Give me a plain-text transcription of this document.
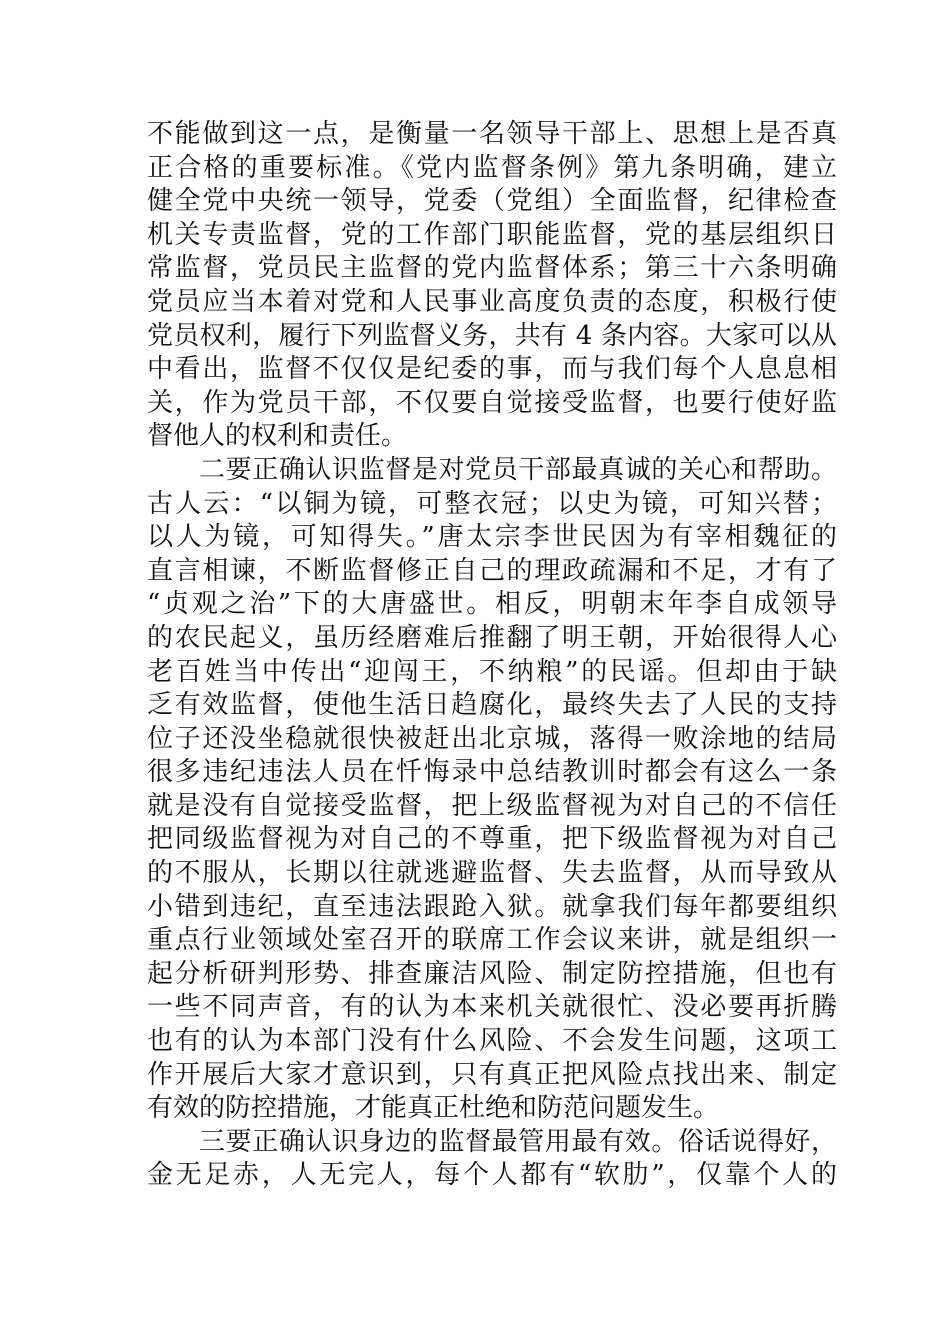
不能做到这一点，是衡量一名领导干部上、思想上是否真
正合格的重要标准。《党内监督条例》第九条明确，建立
健全党中央统一领导，党委（党组）全面监督，纪律检查
机关专责监督，党的工作部门职能监督，党的基层组织日
常监督，党员民主监督的党内监督体系；第三十六条明确
党员应当本着对党和人民事业高度负责的态度，积极行使
党员权利，履行下列监督义务，共有 4 条内容。大家可以从
中看出，监督不仅仅是纪委的事，而与我们每个人息息相
关，作为党员干部，不仅要自觉接受监督，也要行使好监
督他人的权利和责任。
二要正确认识监督是对党员干部最真诚的关心和帮助。
古人云：“以铜为镜，可整衣冠；以史为镜，可知兴替；
以人为镜，可知得失。”唐太宗李世民因为有宰相魏征的
直言相谏，不断监督修正自己的理政疏漏和不足，才有了
“贞观之治”下的大唐盛世。相反，明朝末年李自成领导
的农民起义，虽历经磨难后推翻了明王朝，开始很得人心
老百姓当中传出“迎闯王，不纳粮”的民谣。但却由于缺
乏有效监督，使他生活日趋腐化，最终失去了人民的支持
位子还没坐稳就很快被赶出北京城，落得一败涂地的结局
很多违纪违法人员在忏悔录中总结教训时都会有这么一条
就是没有自觉接受监督，把上级监督视为对自己的不信任
把同级监督视为对自己的不尊重，把下级监督视为对自己
的不服从，长期以往就逃避监督、失去监督，从而导致从
小错到违纪，直至违法跟跄入狱。就拿我们每年都要组织
重点行业领域处室召开的联席工作会议来讲，就是组织一
起分析研判形势、排查廉洁风险、制定防控措施，但也有
一些不同声音，有的认为本来机关就很忙、没必要再折腾
也有的认为本部门没有什么风险、不会发生问题，这项工
作开展后大家才意识到，只有真正把风险点找出来、制定
有效的防控措施，才能真正杜绝和防范问题发生。
三要正确认识身边的监督最管用最有效。俗话说得好，
金无足赤，人无完人，每个人都有“软肋”，仅靠个人的
